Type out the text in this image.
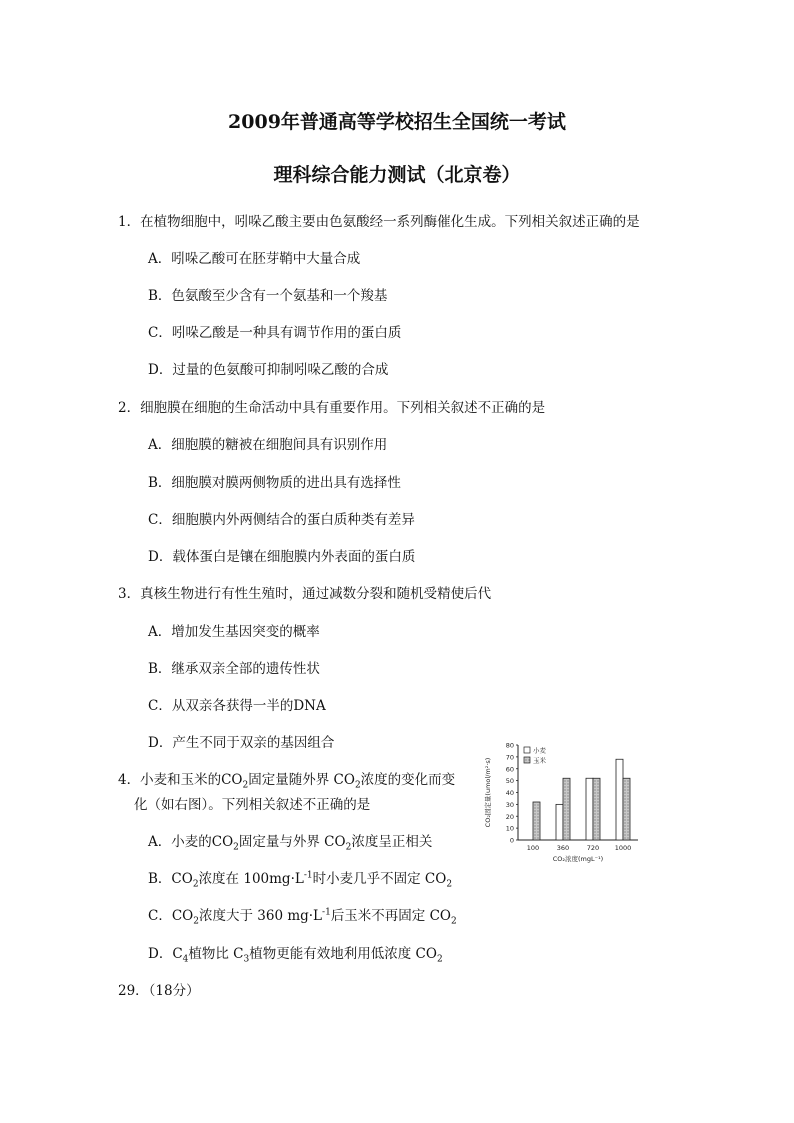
2009年普通高等学校招生全国统一考试
理科综合能力测试（北京卷）
1．在植物细胞中，吲哚乙酸主要由色氨酸经一系列酶催化生成。下列相关叙述正确的是
A．吲哚乙酸可在胚芽鞘中大量合成
B．色氨酸至少含有一个氨基和一个羧基
C．吲哚乙酸是一种具有调节作用的蛋白质
D．过量的色氨酸可抑制吲哚乙酸的合成
2．细胞膜在细胞的生命活动中具有重要作用。下列相关叙述不正确的是
A．细胞膜的糖被在细胞间具有识别作用
B．细胞膜对膜两侧物质的进出具有选择性
C．细胞膜内外两侧结合的蛋白质种类有差异
D．载体蛋白是镶在细胞膜内外表面的蛋白质
3．真核生物进行有性生殖时，通过减数分裂和随机受精使后代
A．增加发生基因突变的概率
B．继承双亲全部的遗传性状
C．从双亲各获得一半的DNA
D．产生不同于双亲的基因组合
4．小麦和玉米的$CO_2$固定量随外界 $CO_2$浓度的变化而变
化（如右图）。下列相关叙述不正确的是
A．小麦的$CO_2$固定量与外界 $CO_2$浓度呈正相关
B．$CO_2$浓度在 $100mg\cdot L^{-1}$时小麦几乎不固定 $CO_2$
C．$CO_2$浓度大于 360 $mg\cdot L^{-1}$后玉米不再固定 $CO_2$
D．$C_4$植物比 $C_3$植物更能有效地利用低浓度 $CO_2$
29．（18分）
0
10
20
30
40
50
60
70
80
100	360	720 1000
CO₂浓度(mgL⁻¹)
CO₂固定量(umol/m²·s)
小麦
玉米
